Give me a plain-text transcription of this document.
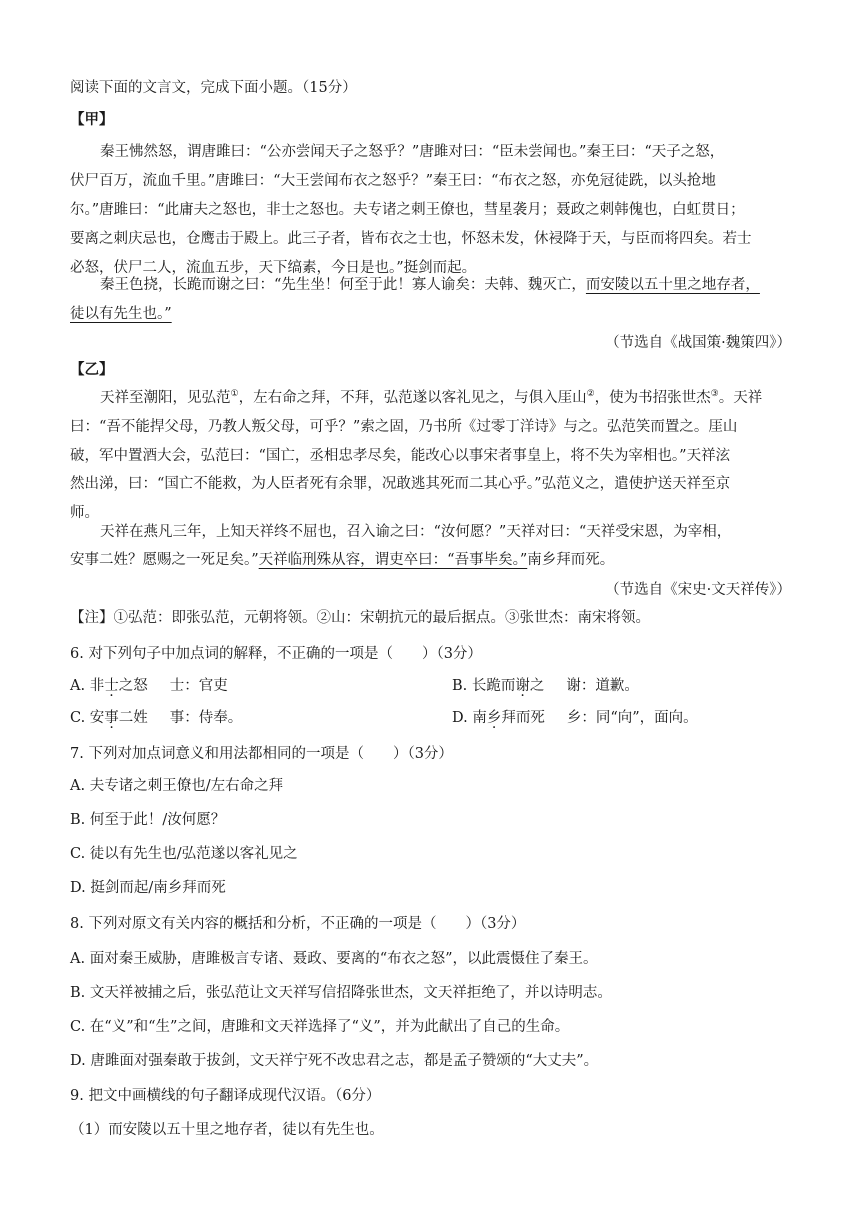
阅读下面的文言文，完成下面小题。（15分）
【甲】
秦王怫然怒，谓唐雎曰：“公亦尝闻天子之怒乎？”唐雎对曰：“臣未尝闻也。”秦王曰：“天子之怒，
伏尸百万，流血千里。”唐雎曰：“大王尝闻布衣之怒乎？”秦王曰：“布衣之怒，亦免冠徒跣，以头抢地
尔。”唐雎曰：“此庸夫之怒也，非士之怒也。夫专诸之刺王僚也，彗星袭月；聂政之刺韩傀也，白虹贯日；
要离之刺庆忌也，仓鹰击于殿上。此三子者，皆布衣之士也，怀怒未发，休祲降于天，与臣而将四矣。若士
必怒，伏尸二人，流血五步，天下缟素，今日是也。”挺剑而起。
秦王色挠，长跪而谢之曰：“先生坐！何至于此！寡人谕矣：夫韩、魏灭亡，而安陵以五十里之地存者，
徒以有先生也。”
（节选自《战国策·魏策四》）
【乙】
天祥至潮阳，见弘范①，左右命之拜，不拜，弘范遂以客礼见之，与俱入厓山②，使为书招张世杰③。天祥
曰：“吾不能捍父母，乃教人叛父母，可乎？”索之固，乃书所《过零丁洋诗》与之。弘范笑而置之。厓山
破，军中置酒大会，弘范曰：“国亡，丞相忠孝尽矣，能改心以事宋者事皇上，将不失为宰相也。”天祥泫
然出涕，曰：“国亡不能救，为人臣者死有余罪，况敢逃其死而二其心乎。”弘范义之，遣使护送天祥至京
师。
天祥在燕凡三年，上知天祥终不屈也，召入谕之曰：“汝何愿？”天祥对曰：“天祥受宋恩，为宰相，
安事二姓？愿赐之一死足矣。”天祥临刑殊从容，谓吏卒曰：“吾事毕矣。”南乡拜而死。
（节选自《宋史·文天祥传》）
【注】①弘范：即张弘范，元朝将领。②山：宋朝抗元的最后据点。③张世杰：南宋将领。
6. 对下列句子中加点词的解释，不正确的一项是（　　）（3分）
A. 非士之怒 士：官吏	B. 长跪而谢之 谢：道歉。
C. 安事二姓 事：侍奉。	D. 南乡拜而死 乡：同“向”，面向。
7. 下列对加点词意义和用法都相同的一项是（　　）（3分）
A. 夫专诸之刺王僚也/左右命之拜
B. 何至于此！/汝何愿？
C. 徒以有先生也/弘范遂以客礼见之
D. 挺剑而起/南乡拜而死
8. 下列对原文有关内容的概括和分析，不正确的一项是（　　）（3分）
A. 面对秦王威胁，唐雎极言专诸、聂政、要离的“布衣之怒”，以此震慑住了秦王。
B. 文天祥被捕之后，张弘范让文天祥写信招降张世杰，文天祥拒绝了，并以诗明志。
C. 在“义”和“生”之间，唐雎和文天祥选择了“义”，并为此献出了自己的生命。
D. 唐雎面对强秦敢于拔剑，文天祥宁死不改忠君之志，都是孟子赞颂的“大丈夫”。
9. 把文中画横线的句子翻译成现代汉语。（6分）
（1）而安陵以五十里之地存者，徒以有先生也。
